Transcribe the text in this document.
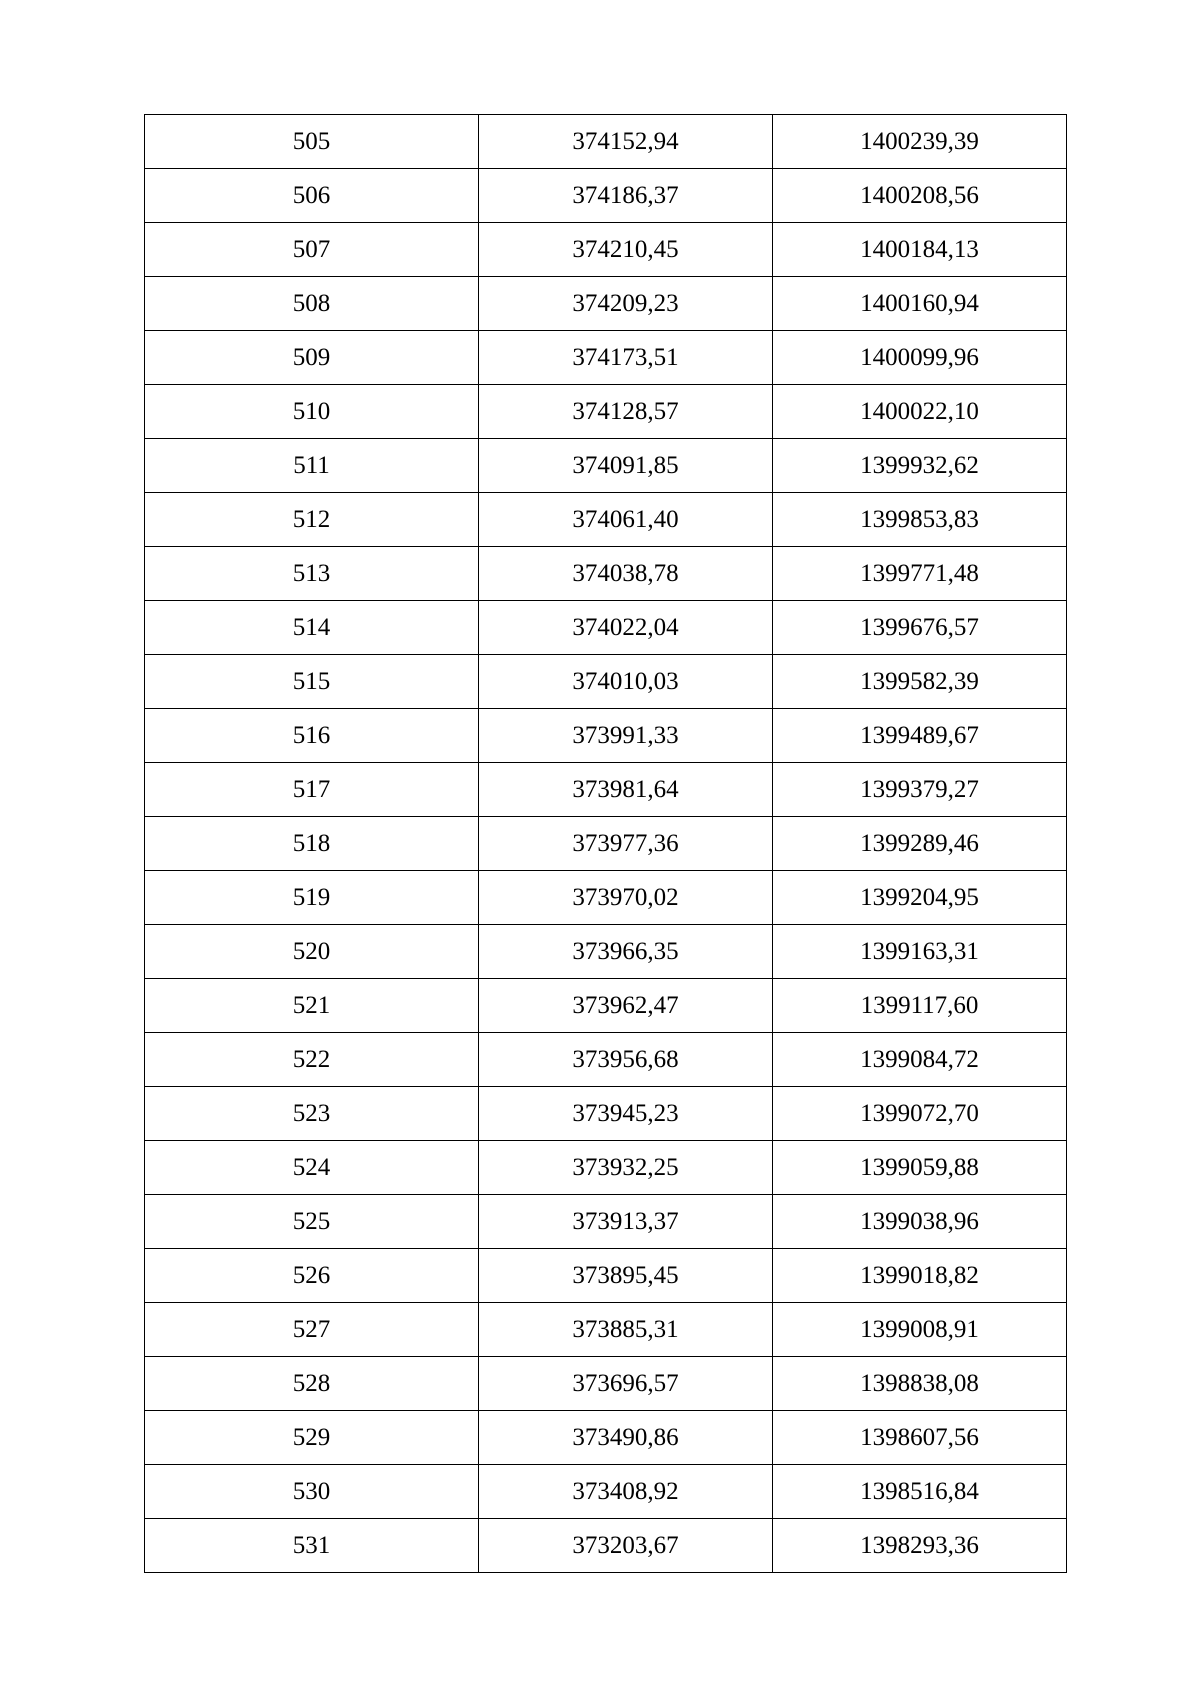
505	374152,94	1400239,39
506	374186,37	1400208,56
507	374210,45	1400184,13
508	374209,23	1400160,94
509	374173,51	1400099,96
510	374128,57	1400022,10
511	374091,85	1399932,62
512	374061,40	1399853,83
513	374038,78	1399771,48
514	374022,04	1399676,57
515	374010,03	1399582,39
516	373991,33	1399489,67
517	373981,64	1399379,27
518	373977,36	1399289,46
519	373970,02	1399204,95
520	373966,35	1399163,31
521	373962,47	1399117,60
522	373956,68	1399084,72
523	373945,23	1399072,70
524	373932,25	1399059,88
525	373913,37	1399038,96
526	373895,45	1399018,82
527	373885,31	1399008,91
528	373696,57	1398838,08
529	373490,86	1398607,56
530	373408,92	1398516,84
531	373203,67	1398293,36
